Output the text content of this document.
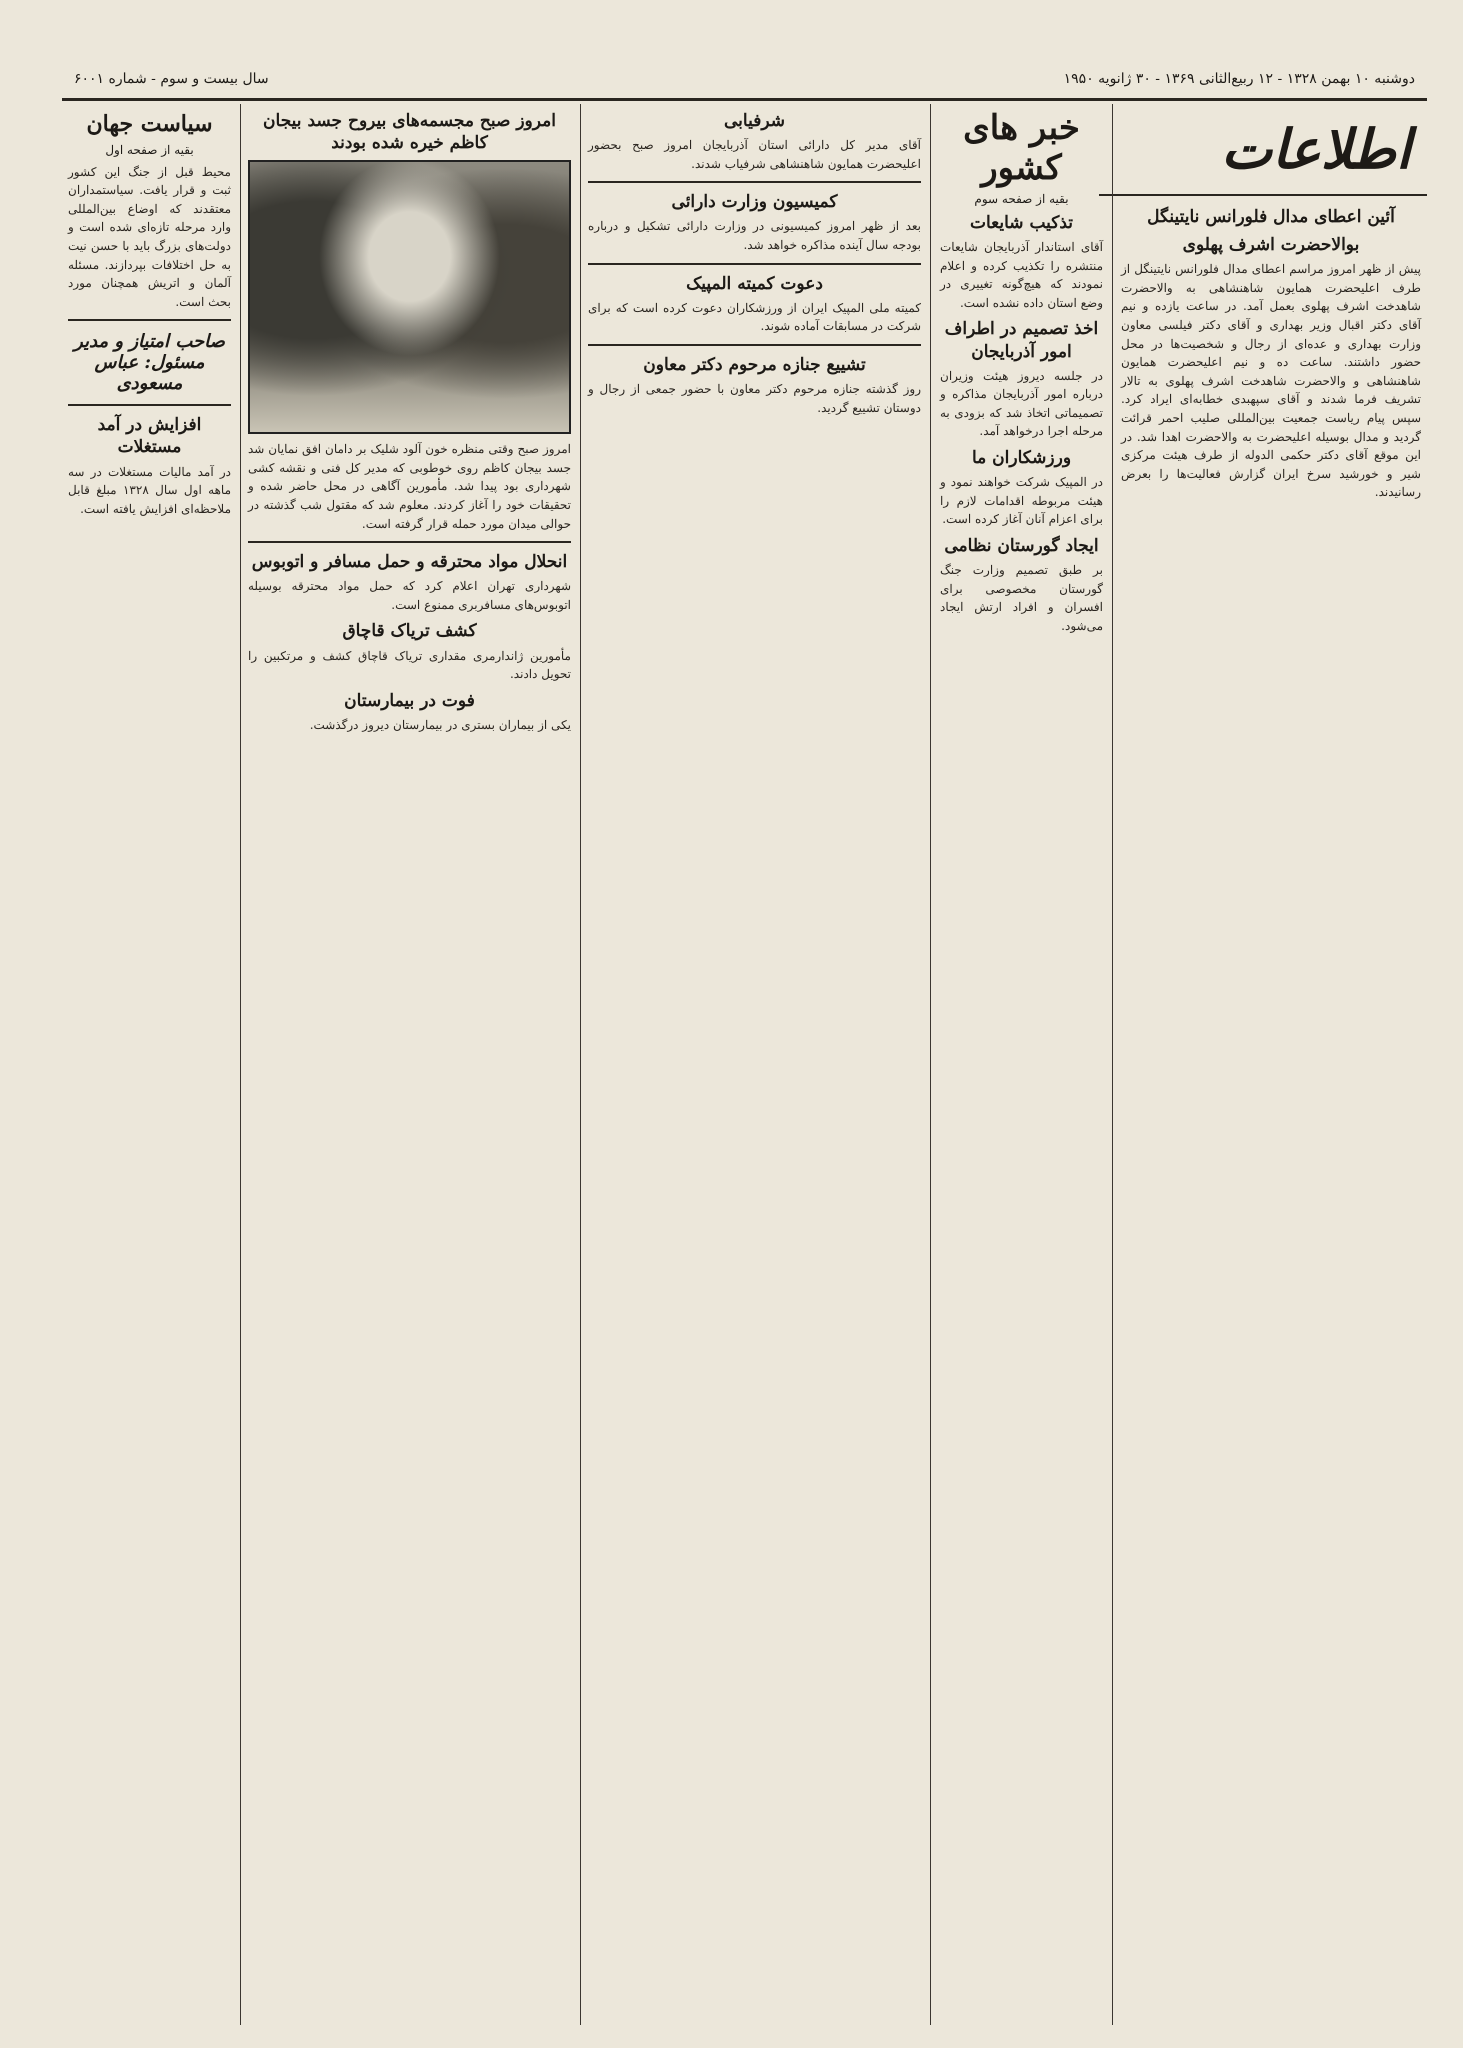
دوشنبه ۱۰ بهمن ۱۳۲۸ - ۱۲ ربیع‌الثانی ۱۳۶۹ - ۳۰ ژانویه ۱۹۵۰
سال بیست و سوم - شماره ۶۰۰۱
اطلاعات
آئین اعطای مدال فلورانس نایتینگل
بوالاحضرت اشرف پهلوی
پیش از ظهر امروز مراسم اعطای مدال فلورانس نایتینگل از طرف اعلیحضرت همایون شاهنشاهی به والاحضرت شاهدخت اشرف پهلوی بعمل آمد. در ساعت یازده و نیم آقای دکتر اقبال وزیر بهداری و آقای دکتر فیلسی معاون وزارت بهداری و عده‌ای از رجال و شخصیت‌ها در محل حضور داشتند. ساعت ده و نیم اعلیحضرت همایون شاهنشاهی و والاحضرت شاهدخت اشرف پهلوی به تالار تشریف فرما شدند و آقای سپهبدی خطابه‌ای ایراد کرد. سپس پیام ریاست جمعیت بین‌المللی صلیب احمر قرائت گردید و مدال بوسیله اعلیحضرت به والاحضرت اهدا شد. در این موقع آقای دکتر حکمی الدوله از طرف هیئت مرکزی شیر و خورشید سرخ ایران گزارش فعالیت‌ها را بعرض رسانیدند.
خبر های کشور
بقیه از صفحه سوم
تذکیب شایعات
آقای استاندار آذربایجان شایعات منتشره را تکذیب کرده و اعلام نمودند که هیچ‌گونه تغییری در وضع استان داده نشده است.
اخذ تصمیم در اطراف امور آذربایجان
در جلسه دیروز هیئت وزیران درباره امور آذربایجان مذاکره و تصمیماتی اتخاذ شد که بزودی به مرحله اجرا درخواهد آمد.
ورزشکاران ما
در المپیک شرکت خواهند نمود و هیئت مربوطه اقدامات لازم را برای اعزام آنان آغاز کرده است.
ایجاد گورستان نظامی
بر طبق تصمیم وزارت جنگ گورستان مخصوصی برای افسران و افراد ارتش ایجاد می‌شود.
شرفیابی
آقای مدیر کل دارائی استان آذربایجان امروز صبح بحضور اعلیحضرت همایون شاهنشاهی شرفیاب شدند.
کمیسیون وزارت دارائی
بعد از ظهر امروز کمیسیونی در وزارت دارائی تشکیل و درباره بودجه سال آینده مذاکره خواهد شد.
دعوت کمیته المپیک
کمیته ملی المپیک ایران از ورزشکاران دعوت کرده است که برای شرکت در مسابقات آماده شوند.
تشییع جنازه مرحوم دکتر معاون
روز گذشته جنازه مرحوم دکتر معاون با حضور جمعی از رجال و دوستان تشییع گردید.
امروز صبح مجسمه‌های بیروح جسد بیجان کاظم خیره شده بودند
امروز صبح وقتی منظره خون آلود شلیک بر دامان افق نمایان شد جسد بیجان کاظم روی خوطوبی که مدیر کل فنی و نقشه کشی شهرداری بود پیدا شد. مأمورین آگاهی در محل حاضر شده و تحقیقات خود را آغاز کردند. معلوم شد که مقتول شب گذشته در حوالی میدان مورد حمله قرار گرفته است.
انحلال مواد محترقه و حمل مسافر و اتوبوس
شهرداری تهران اعلام کرد که حمل مواد محترقه بوسیله اتوبوس‌های مسافربری ممنوع است.
کشف تریاک قاچاق
مأمورین ژاندارمری مقداری تریاک قاچاق کشف و مرتکبین را تحویل دادند.
فوت در بیمارستان
یکی از بیماران بستری در بیمارستان دیروز درگذشت.
سیاست جهان
بقیه از صفحه اول
محیط قبل از جنگ این کشور ثبت و قرار یافت. سیاستمداران معتقدند که اوضاع بین‌المللی وارد مرحله تازه‌ای شده است و دولت‌های بزرگ باید با حسن نیت به حل اختلافات بپردازند. مسئله آلمان و اتریش همچنان مورد بحث است.
صاحب امتیاز و مدیر مسئول: عباس مسعودی
افزایش در آمد مستغلات
در آمد مالیات مستغلات در سه ماهه اول سال ۱۳۲۸ مبلغ قابل ملاحظه‌ای افزایش یافته است.
